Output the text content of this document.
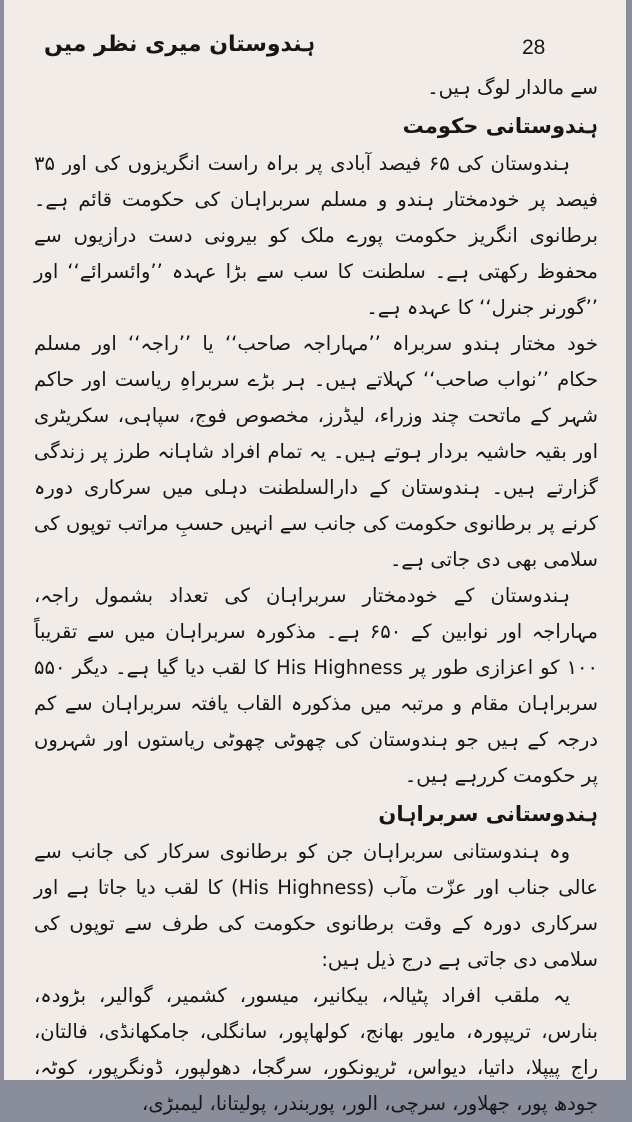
28
ہندوستان میری نظر میں

سے مالدار لوگ ہیں۔

ہندوستانی حکومت

ہندوستان کی ۶۵ فیصد آبادی پر براہ راست انگریزوں کی اور ۳۵ فیصد پر خودمختار ہندو و مسلم سربراہان کی حکومت قائم ہے۔ برطانوی انگریز حکومت پورے ملک کو بیرونی دست درازیوں سے محفوظ رکھتی ہے۔ سلطنت کا سب سے بڑا عہدہ ’’وائسرائے‘‘ اور ’’گورنر جنرل‘‘ کا عہدہ ہے۔

خود مختار ہندو سربراہ ’’مہاراجہ صاحب‘‘ یا ’’راجہ‘‘ اور مسلم حکام ’’نواب صاحب‘‘ کہلاتے ہیں۔ ہر بڑے سربراہِ ریاست اور حاکم شہر کے ماتحت چند وزراء، لیڈرز، مخصوص فوج، سپاہی، سکریٹری اور بقیہ حاشیہ بردار ہوتے ہیں۔ یہ تمام افراد شاہانہ طرز پر زندگی گزارتے ہیں۔ ہندوستان کے دارالسلطنت دہلی میں سرکاری دورہ کرنے پر برطانوی حکومت کی جانب سے انہیں حسبِ مراتب توپوں کی سلامی بھی دی جاتی ہے۔

ہندوستان کے خودمختار سربراہان کی تعداد بشمول راجہ، مہاراجہ اور نوابین کے ۶۵۰ ہے۔ مذکورہ سربراہان میں سے تقریباً ۱۰۰ کو اعزازی طور پر His Highness کا لقب دیا گیا ہے۔ دیگر ۵۵۰ سربراہان مقام و مرتبہ میں مذکورہ القاب یافتہ سربراہان سے کم درجہ کے ہیں جو ہندوستان کی چھوٹی چھوٹی ریاستوں اور شہروں پر حکومت کررہے ہیں۔

ہندوستانی سربراہان

وہ ہندوستانی سربراہان جن کو برطانوی سرکار کی جانب سے عالی جناب اور عزّت مآب (His Highness) کا لقب دیا جاتا ہے اور سرکاری دورہ کے وقت برطانوی حکومت کی طرف سے توپوں کی سلامی دی جاتی ہے درج ذیل ہیں:

یہ ملقب افراد پٹیالہ، بیکانیر، میسور، کشمیر، گوالیر، بڑودہ، بنارس، تریپورہ، مایور بھانج، کولھاپور، سانگلی، جامکھانڈی، فالتان، راج پیپلا، داتیا، دیواس، ٹریونکور، سرگجا، دھولپور، ڈونگرپور، کوٹہ، جودھ پور، جھلاور، سرچی، الور، پوربندر، پولیتانا، لیمبڑی،
